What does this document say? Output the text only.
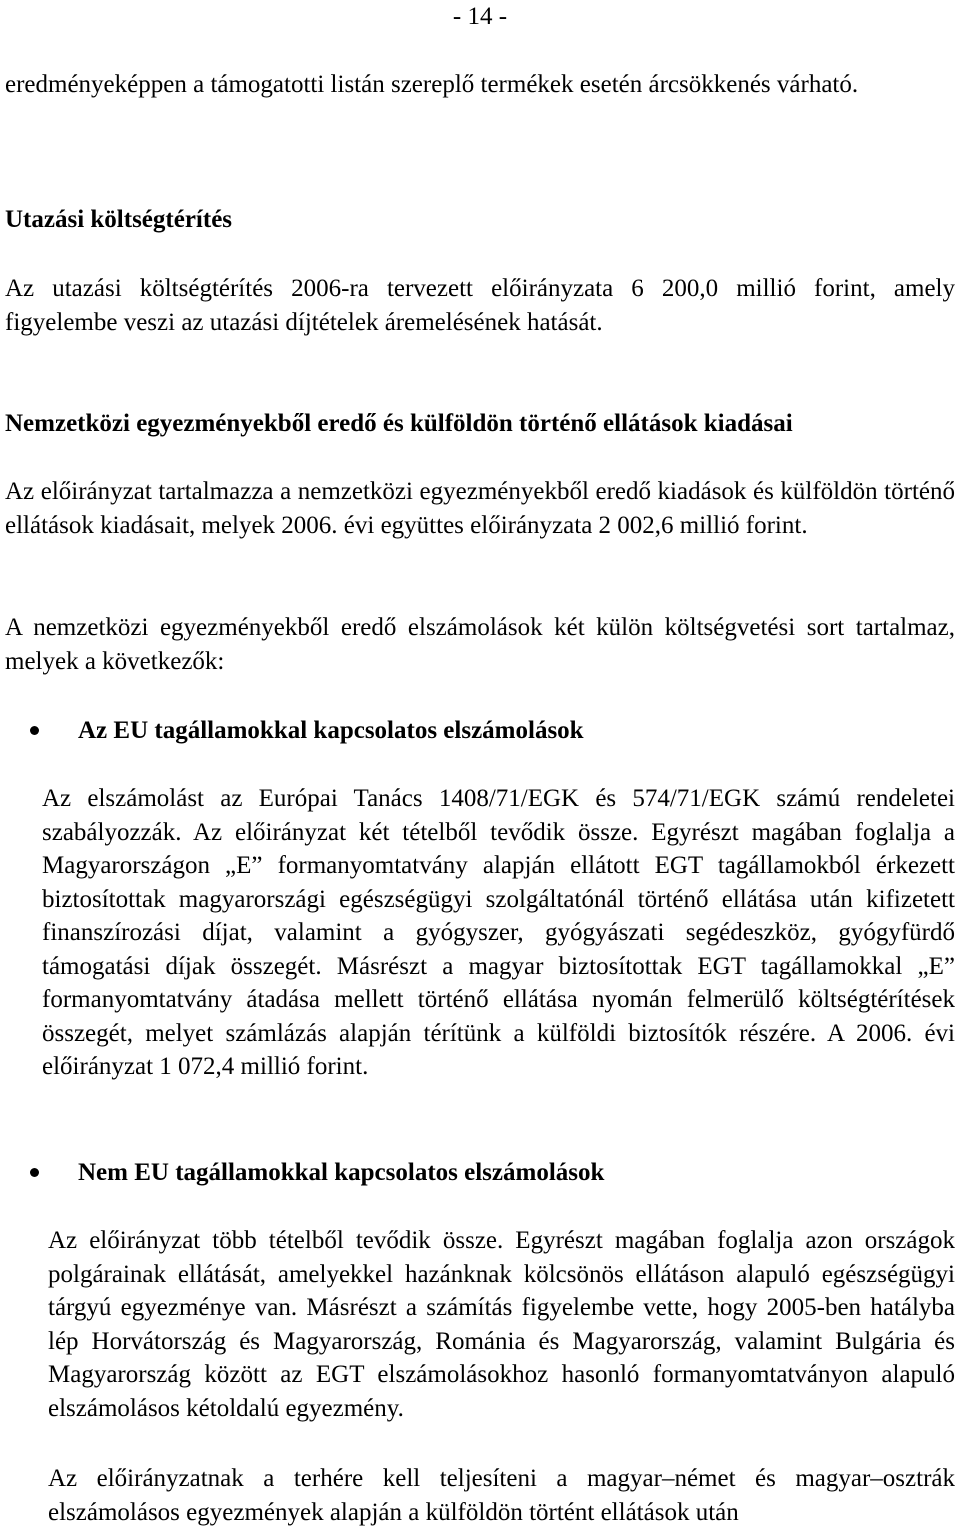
- 14 -

eredményeképpen a támogatotti listán szereplő termékek esetén árcsökkenés várható.

Utazási költségtérítés

Az utazási költségtérítés 2006-ra tervezett előirányzata 6 200,0 millió forint, amely figyelembe veszi az utazási díjtételek áremelésének hatását.

Nemzetközi egyezményekből eredő és külföldön történő ellátások kiadásai

Az előirányzat tartalmazza a nemzetközi egyezményekből eredő kiadások és külföldön történő ellátások kiadásait, melyek 2006. évi együttes előirányzata 2 002,6 millió forint.

A nemzetközi egyezményekből eredő elszámolások két külön költségvetési sort tartalmaz, melyek a következők:

Az EU tagállamokkal kapcsolatos elszámolások

Az elszámolást az Európai Tanács 1408/71/EGK és 574/71/EGK számú rendeletei szabályozzák. Az előirányzat két tételből tevődik össze. Egyrészt magában foglalja a Magyarországon „E” formanyomtatvány alapján ellátott EGT tagállamokból érkezett biztosítottak magyarországi egészségügyi szolgáltatónál történő ellátása után kifizetett finanszírozási díjat, valamint a gyógyszer, gyógyászati segédeszköz, gyógyfürdő támogatási díjak összegét. Másrészt a magyar biztosítottak EGT tagállamokkal „E” formanyomtatvány átadása mellett történő ellátása nyomán felmerülő költségtérítések összegét, melyet számlázás alapján térítünk a külföldi biztosítók részére. A 2006. évi előirányzat 1 072,4 millió forint.

Nem EU tagállamokkal kapcsolatos elszámolások

Az előirányzat több tételből tevődik össze. Egyrészt magában foglalja azon országok polgárainak ellátását, amelyekkel hazánknak kölcsönös ellátáson alapuló egészségügyi tárgyú egyezménye van. Másrészt a számítás figyelembe vette, hogy 2005-ben hatályba lép Horvátország és Magyarország, Románia és Magyarország, valamint Bulgária és Magyarország között az EGT elszámolásokhoz hasonló formanyomtatványon alapuló elszámolásos kétoldalú egyezmény.

Az előirányzatnak a terhére kell teljesíteni a magyar–német és magyar–osztrák elszámolásos egyezmények alapján a külföldön történt ellátások után
